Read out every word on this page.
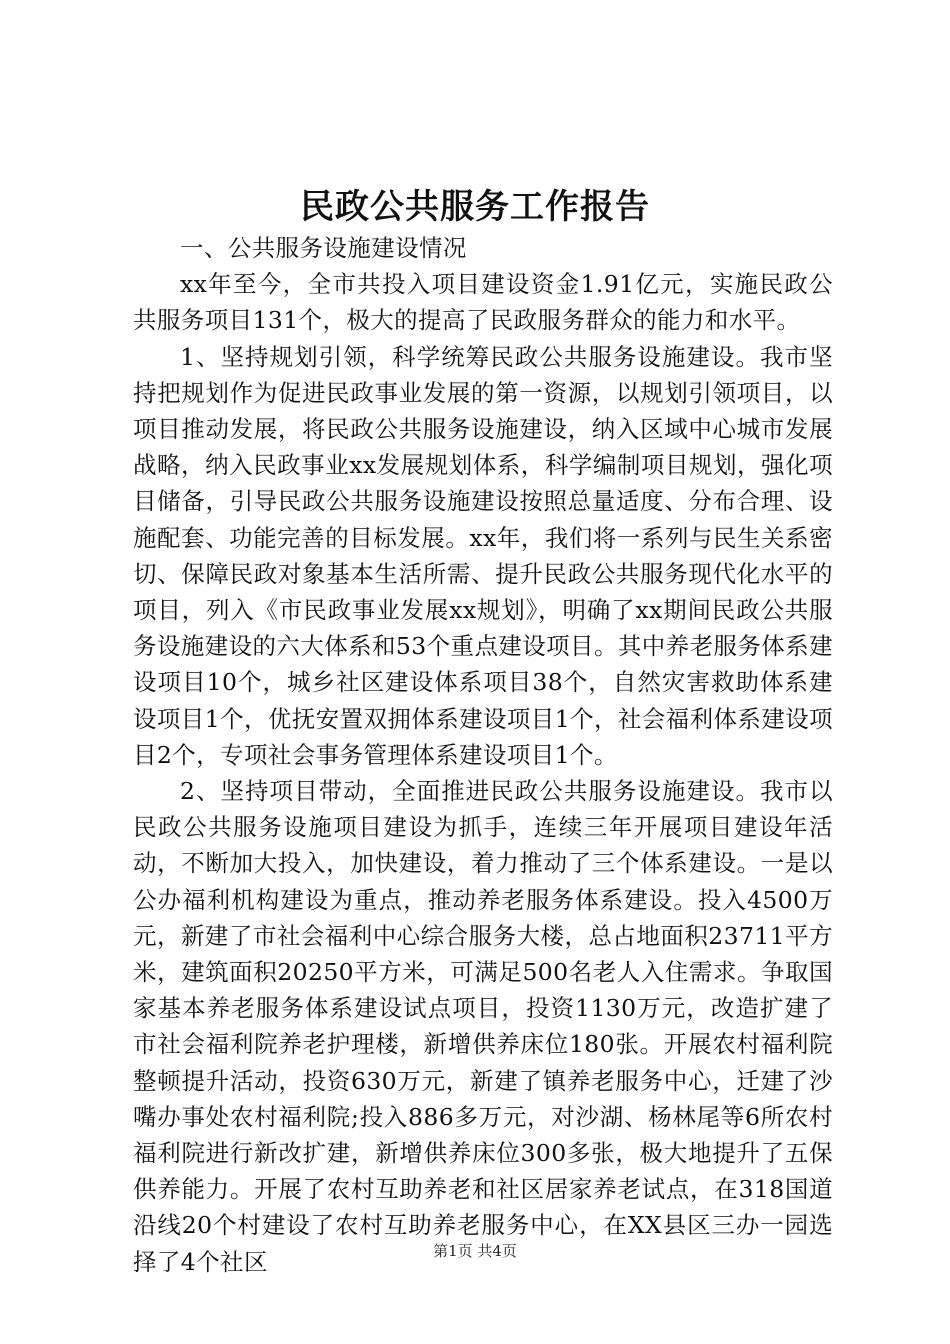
民政公共服务工作报告

一、公共服务设施建设情况

xx年至今，全市共投入项目建设资金1.91亿元，实施民政公共服务项目131个，极大的提高了民政服务群众的能力和水平。

1、坚持规划引领，科学统筹民政公共服务设施建设。我市坚持把规划作为促进民政事业发展的第一资源，以规划引领项目，以项目推动发展，将民政公共服务设施建设，纳入区域中心城市发展战略，纳入民政事业xx发展规划体系，科学编制项目规划，强化项目储备，引导民政公共服务设施建设按照总量适度、分布合理、设施配套、功能完善的目标发展。xx年，我们将一系列与民生关系密切、保障民政对象基本生活所需、提升民政公共服务现代化水平的项目，列入《市民政事业发展xx规划》，明确了xx期间民政公共服务设施建设的六大体系和53个重点建设项目。其中养老服务体系建设项目10个，城乡社区建设体系项目38个，自然灾害救助体系建设项目1个，优抚安置双拥体系建设项目1个，社会福利体系建设项目2个，专项社会事务管理体系建设项目1个。

2、坚持项目带动，全面推进民政公共服务设施建设。我市以民政公共服务设施项目建设为抓手，连续三年开展项目建设年活动，不断加大投入，加快建设，着力推动了三个体系建设。一是以公办福利机构建设为重点，推动养老服务体系建设。投入4500万元，新建了市社会福利中心综合服务大楼，总占地面积23711平方米，建筑面积20250平方米，可满足500名老人入住需求。争取国家基本养老服务体系建设试点项目，投资1130万元，改造扩建了市社会福利院养老护理楼，新增供养床位180张。开展农村福利院整顿提升活动，投资630万元，新建了镇养老服务中心，迁建了沙嘴办事处农村福利院;投入886多万元，对沙湖、杨林尾等6所农村福利院进行新改扩建，新增供养床位300多张，极大地提升了五保供养能力。开展了农村互助养老和社区居家养老试点，在318国道沿线20个村建设了农村互助养老服务中心，在XX县区三办一园选择了4个社区	第1页 共4页
